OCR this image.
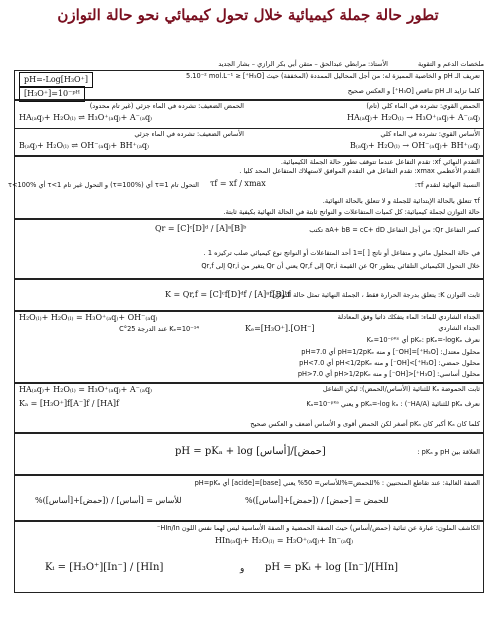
تطور حالة جملة كيميائية خلال تحول كيميائي نحو حالة التوازن
ملخصات الدعم و التقوية
الأستاذ: مرابطي عبدالحق – متقن أبي بكر الرازي – بشار الجديد
تعريف الـ pH و الخاصية المميزة له: من أجل المحاليل الممددة (المخففة) حيث [H₃O⁺] ≤ 5.10⁻² mol.L⁻¹
pH=-Log[H₃O⁺]
[H₃O⁺]=10⁻ᵖᴴ	كلما تزايد الـ pH تناقص [H₃O⁺] و العكس صحيح
الحمض القوي: تشرده في الماء كلي (تام)
HA₍ₐq₎+ H₂O₍ₗ₎ → H₃O⁺₍ₐq₎+ A⁻₍ₐq₎
الحمض الضعيف: تشرده في الماء جزئي (غير تام محدود)
HA₍ₐq₎+ H₂O₍ₗ₎ ⇌ H₃O⁺₍ₐq₎+ A⁻₍ₐq₎
الأساس القوي: تشرده في الماء كلي
B₍ₐq₎+ H₂O₍ₗ₎ → OH⁻₍ₐq₎+ BH⁺₍ₐq₎
الأساس الضعيف: تشرده في الماء جزئي
B₍ₐq₎+ H₂O₍ₗ₎ ⇌ OH⁻₍ₐq₎+ BH⁺₍ₐq₎
التقدم النهائي xf: تقدم التفاعل عندما تتوقف تطور حالة الجملة الكيميائية.
التقدم الأعظمي xmax: تقدم التفاعل في التقدم الموافق لاستهلاك المتفاعل المحد كليا .
النسبة النهائية لتقدم τf:
τf = xf / xmax
التحول تام τ=1 أي (τ=100%) و التحول غير تام τ<1 أي τ<100%
τf تتعلق بالحالة الإبتدائية للجملة و لا تتعلق بالحالة النهائية.
حالة التوازن لجملة كيميائية: كل كميات المتفاعلات و النواتج ثابتة في الحالة النهائية بكيفية ثابتة.
كسر التفاعل Qr: من أجل التفاعل aA+ bB = cC+ dD تكتب
Qr = [C]ᶜ[D]ᵈ / [A]ᵃ[B]ᵇ
في حالة المحلول مائي و متفاعل أو ناتج [ ]=1 أحد المتفاعلات أو النواتج نوع كيميائي صلب تركيزه 1 .
خلال التحول الكيميائي التلقائي يتطور Qr عن القيمة Qr,i إلى Qr,f يعني أن Qr يتغير من Qr,i إلى Qr,f
ثابت التوازن K: يتعلق بدرجة الحرارة فقط ، الجملة النهائية تمثل حالة التوازن
K = Qr,f = [C]ᶜf[D]ᵈf / [A]ᵃf[B]ᵇf
الجداء الشاردي للماء: الماء يتفكك ذاتيا وفق المعادلة
H₂O₍ₗ₎+ H₂O₍ₗ₎ = H₃O⁺₍ₐq₎+ OH⁻₍ₐq₎
الجداء الشاردي
Kₑ=[H₃O⁺].[OH⁻]
Kₑ=10⁻¹⁴ عند الدرجة 25°C
نعرف pKₑ: pKₑ=-logKₑ أي Kₑ=10⁻ᵖᴷᵉ
محلول معتدل: [H₃O⁺]=[OH⁻] و منه pH=1/2pKₑ أي pH=7.0
محلول حمضي: [H₃O⁺]>[OH⁻] و منه pH<1/2pKₑ أي pH<7.0
محلول أساسي: [H₃O⁺]<[OH⁻] و منه pH>1/2pKₑ أي pH>7.0
ثابت الحموضة Kₐ للثنائية (الأساس/الحمض): ليكن التفاعل
HA₍ₐq₎+ H₂O₍ₗ₎ = H₃O⁺₍ₐq₎+ A⁻₍ₐq₎
نعرف pKₐ للثنائية (HA/A⁻) : pKₐ=-log kₐ و يعني Kₐ=10⁻ᵖᴷᵃ
Kₐ = [H₃O⁺]f[A⁻]f / [HA]f
كلما كان Kₐ أكبر كان pKₐ أصغر لكن الحمض أقوى و الأساس أضعف و العكس صحيح
العلاقة بين pH و pKₐ :
pH = pKₐ + log [أساس]/[حمض]
الصفة الغالبة: عند تقاطع المنحنيين : %للحمض=%للأساس= 50% يعني [base]=[acide] أي pH=pKₐ
%للحمض = [حمض] / ([حمض]+[أساس])
%للأساس = [أساس] / ([حمض]+[أساس])
الكاشف الملون: عبارة عن ثنائية (حمض/أساس) حيث الصفة الحمضية و الصفة الأساسية ليس لهما نفس اللون HIn/In⁻
HIn₍ₐq₎+ H₂O₍ₗ₎ = H₃O⁺₍ₐq₎+ In⁻₍ₐq₎
pH = pKᵢ + log [In⁻]/[HIn]
و
Kᵢ = [H₃O⁺][In⁻] / [HIn]
